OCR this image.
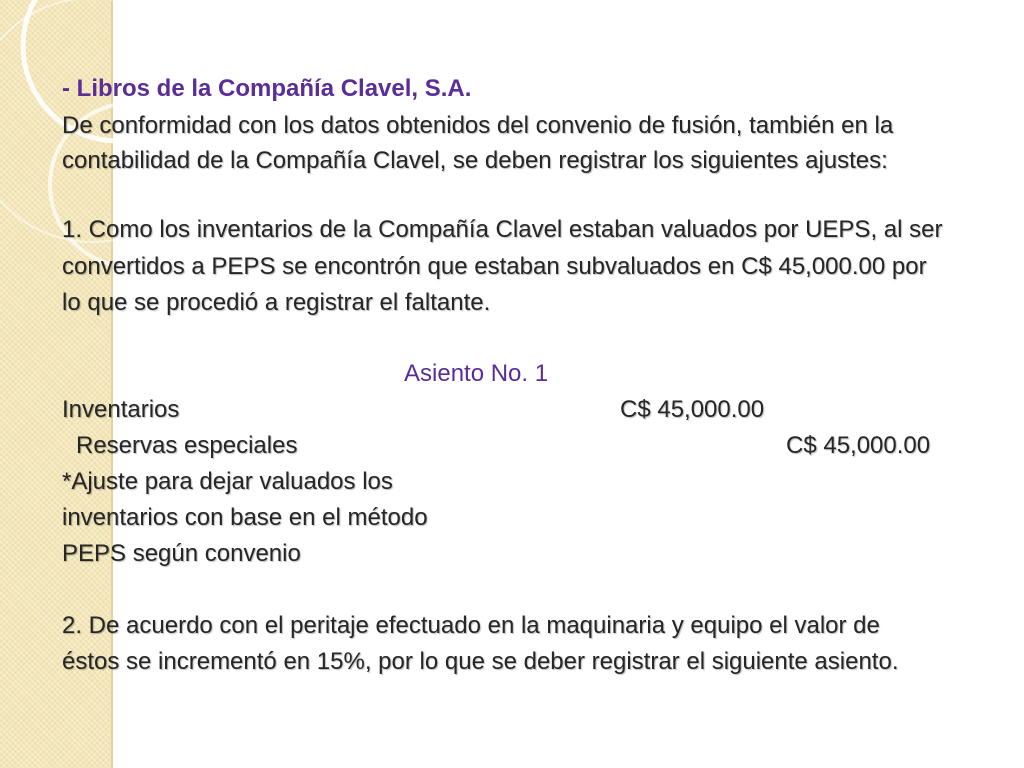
- Libros de la Compañía Clavel, S.A.
De conformidad con los datos obtenidos del convenio de fusión, también en la
contabilidad de la Compañía Clavel, se deben registrar los siguientes ajustes:
1. Como los inventarios de la Compañía Clavel estaban valuados por UEPS, al ser
convertidos a PEPS se encontrón que estaban subvaluados en C$ 45,000.00 por
lo que se procedió a registrar el faltante.
Asiento No. 1
Inventarios	C$ 45,000.00
Reservas especiales	C$ 45,000.00
*Ajuste para dejar valuados los
inventarios con base en el método
PEPS según convenio
2. De acuerdo con el peritaje efectuado en la maquinaria y equipo el valor de
éstos se incrementó en 15%, por lo que se deber registrar el siguiente asiento.
